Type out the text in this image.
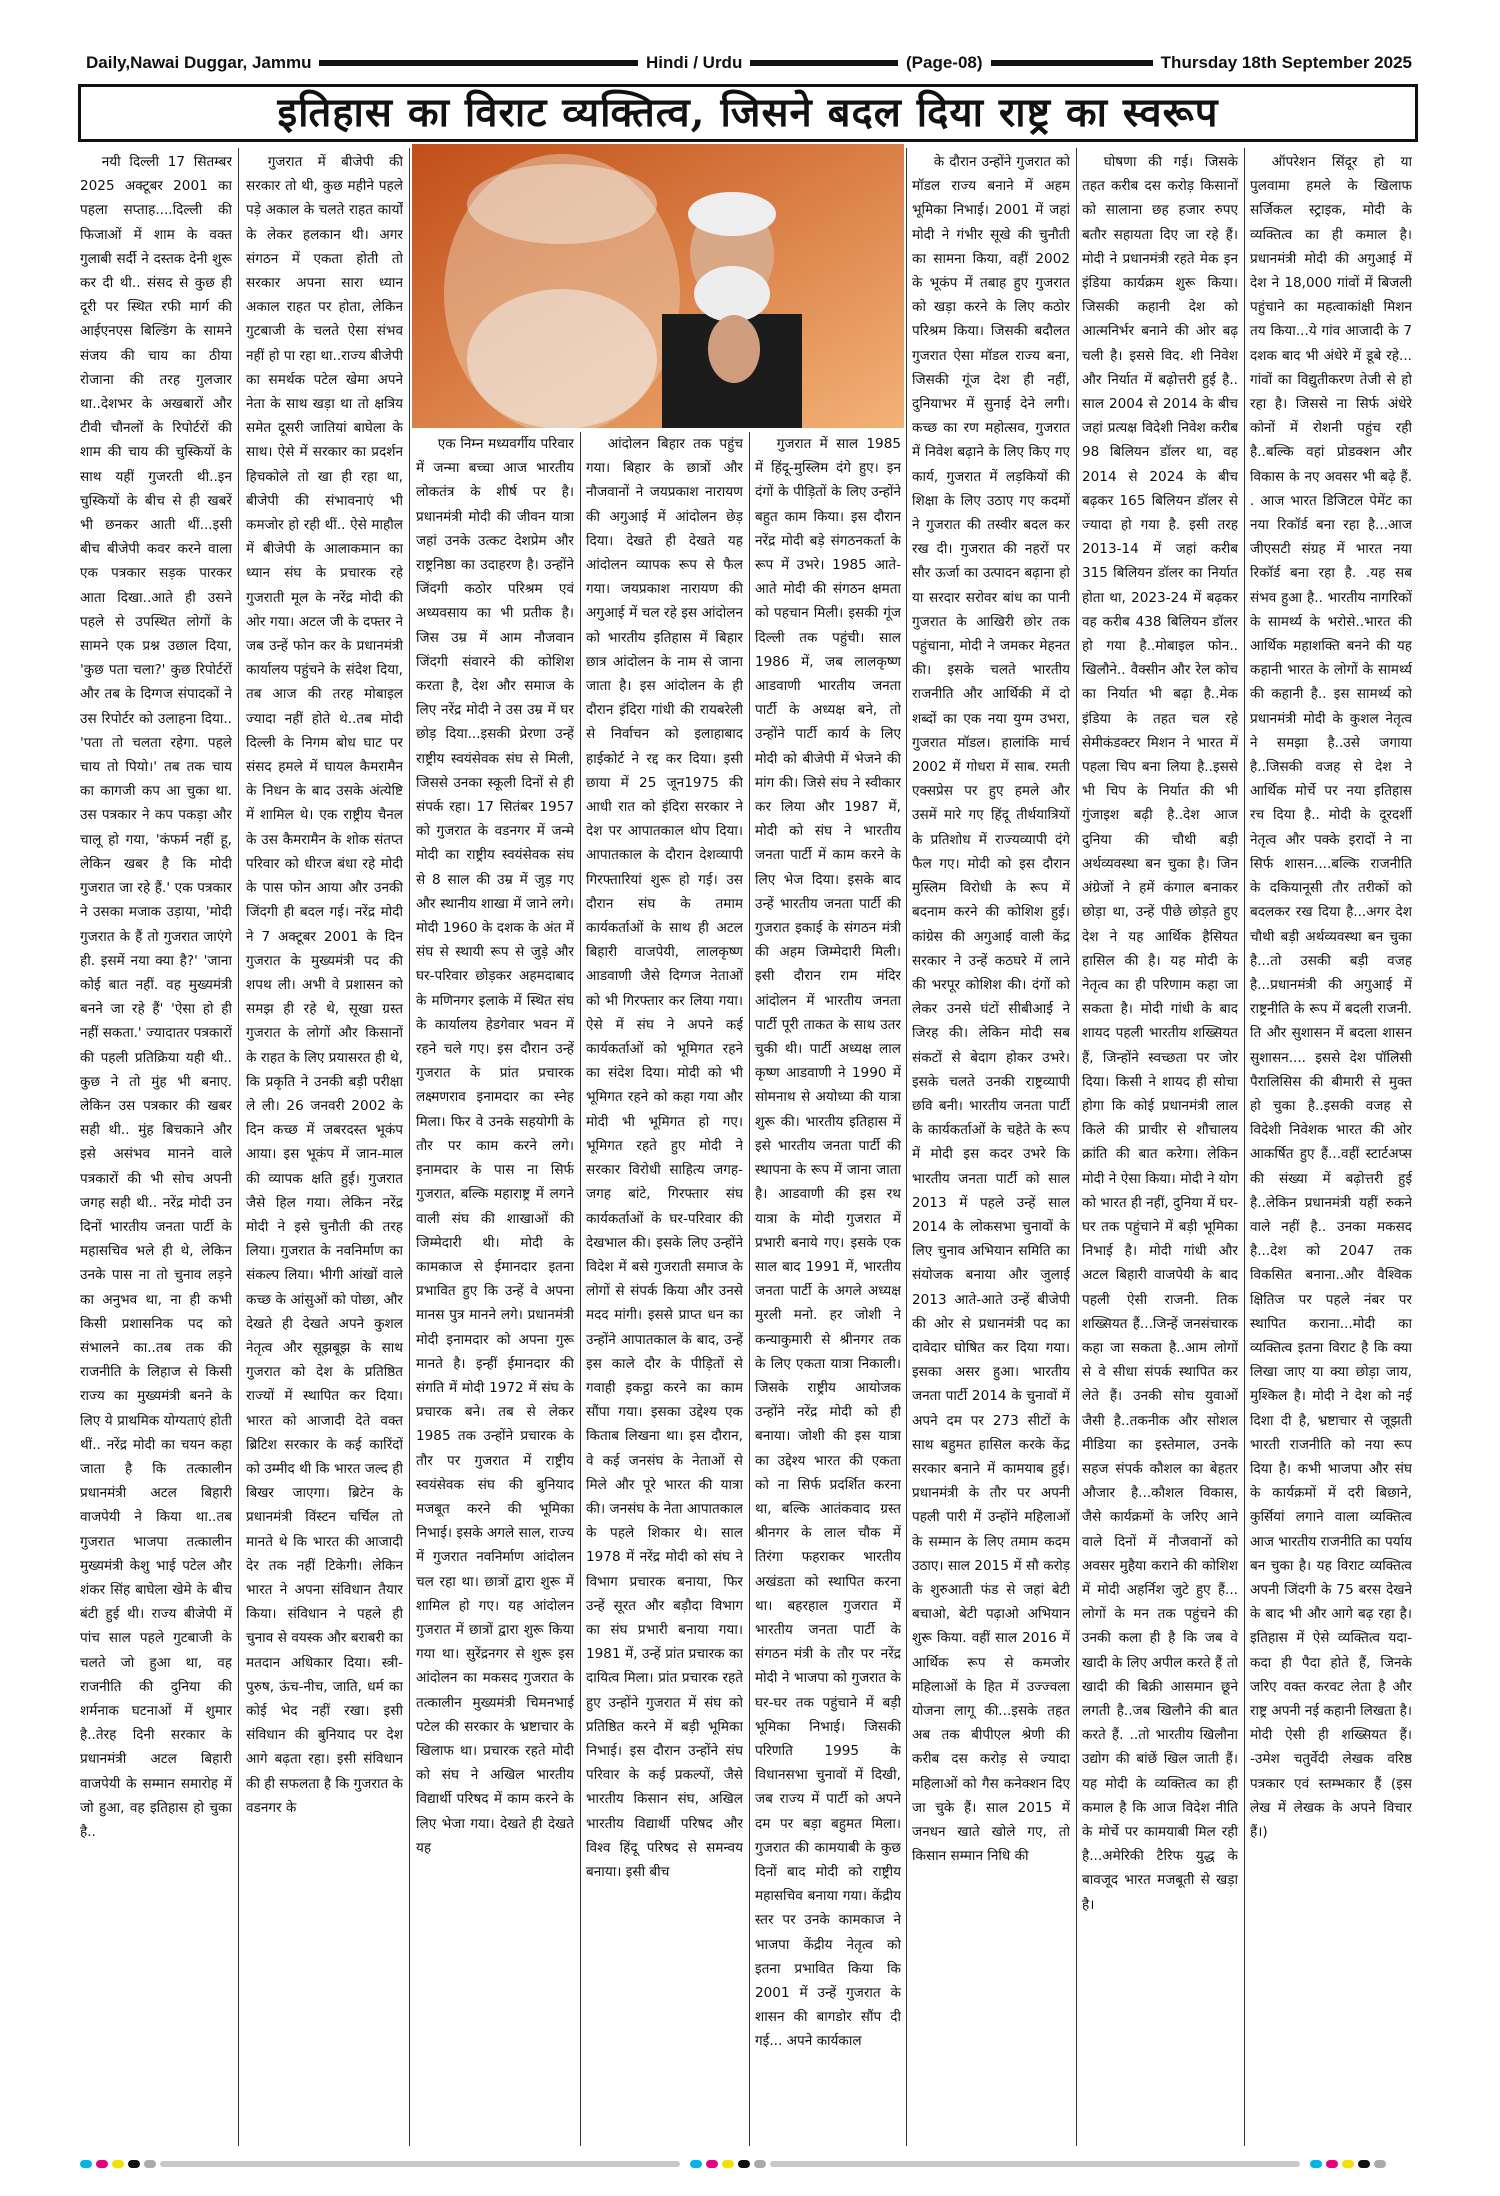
Daily,Nawai Duggar, Jammu	Hindi / Urdu	(Page-08)	Thursday 18th September 2025
इतिहास का विराट व्यक्तित्व, जिसने बदल दिया राष्ट्र का स्वरूप

नयी दिल्ली 17 सितम्बर 2025 अक्टूबर 2001 का पहला सप्ताह....दिल्ली की फिजाओं में शाम के वक्त गुलाबी सर्दी ने दस्तक देनी शुरू कर दी थी.. संसद से कुछ ही दूरी पर स्थित रफी मार्ग की आईएनएस बिल्डिंग के सामने संजय की चाय का ठीया रोजाना की तरह गुलजार था..देशभर के अखबारों और टीवी चौनलों के रिपोर्टरों की शाम की चाय की चुस्कियों के साथ यहीं गुजरती थी..इन चुस्कियों के बीच से ही खबरें भी छनकर आती थीं...इसी बीच बीजेपी कवर करने वाला एक पत्रकार सड़क पारकर आता दिखा..आते ही उसने पहले से उपस्थित लोगों के सामने एक प्रश्न उछाल दिया, 'कुछ पता चला?' कुछ रिपोर्टरों और तब के दिग्गज संपादकों ने उस रिपोर्टर को उलाहना दिया.. 'पता तो चलता रहेगा. पहले चाय तो पियो।' तब तक चाय का कागजी कप आ चुका था. उस पत्रकार ने कप पकड़ा और चालू हो गया, 'कंफर्म नहीं हू, लेकिन खबर है कि मोदी गुजरात जा रहे हैं.' एक पत्रकार ने उसका मजाक उड़ाया, 'मोदी गुजरात के हैं तो गुजरात जाएंगे ही. इसमें नया क्या है?' 'जाना कोई बात नहीं. वह मुख्यमंत्री बनने जा रहे हैं' 'ऐसा हो ही नहीं सकता.' ज्यादातर पत्रकारों की पहली प्रतिक्रिया यही थी.. कुछ ने तो मुंह भी बनाए. लेकिन उस पत्रकार की खबर सही थी.. मुंह बिचकाने और इसे असंभव मानने वाले पत्रकारों की भी सोच अपनी जगह सही थी.. नरेंद्र मोदी उन दिनों भारतीय जनता पार्टी के महासचिव भले ही थे, लेकिन उनके पास ना तो चुनाव लड़ने का अनुभव था, ना ही कभी किसी प्रशासनिक पद को संभालने का..तब तक की राजनीति के लिहाज से किसी राज्य का मुख्यमंत्री बनने के लिए ये प्राथमिक योग्यताएं होती थीं.. नरेंद्र मोदी का चयन कहा जाता है कि तत्कालीन प्रधानमंत्री अटल बिहारी वाजपेयी ने किया था..तब गुजरात भाजपा तत्कालीन मुख्यमंत्री केशु भाई पटेल और शंकर सिंह बाघेला खेमे के बीच बंटी हुई थी। राज्य बीजेपी में पांच साल पहले गुटबाजी के चलते जो हुआ था, वह राजनीति की दुनिया की शर्मनाक घटनाओं में शुमार है..तेरह दिनी सरकार के प्रधानमंत्री अटल बिहारी वाजपेयी के सम्मान समारोह में जो हुआ, वह इतिहास हो चुका है..

गुजरात में बीजेपी की सरकार तो थी, कुछ महीने पहले पड़े अकाल के चलते राहत कार्यों के लेकर हलकान थी। अगर संगठन में एकता होती तो सरकार अपना सारा ध्यान अकाल राहत पर होता, लेकिन गुटबाजी के चलते ऐसा संभव नहीं हो पा रहा था..राज्य बीजेपी का समर्थक पटेल खेमा अपने नेता के साथ खड़ा था तो क्षत्रिय समेत दूसरी जातियां बाघेला के साथ। ऐसे में सरकार का प्रदर्शन हिचकोले तो खा ही रहा था, बीजेपी की संभावनाएं भी कमजोर हो रही थीं.. ऐसे माहौल में बीजेपी के आलाकमान का ध्यान संघ के प्रचारक रहे गुजराती मूल के नरेंद्र मोदी की ओर गया। अटल जी के दफ्तर ने जब उन्हें फोन कर के प्रधानमंत्री कार्यालय पहुंचने के संदेश दिया, तब आज की तरह मोबाइल ज्यादा नहीं होते थे..तब मोदी दिल्ली के निगम बोध घाट पर संसद हमले में घायल कैमरामैन के निधन के बाद उसके अंत्येष्टि में शामिल थे। एक राष्ट्रीय चैनल के उस कैमरामैन के शोक संतप्त परिवार को धीरज बंधा रहे मोदी के पास फोन आया और उनकी जिंदगी ही बदल गई। नरेंद्र मोदी ने 7 अक्टूबर 2001 के दिन गुजरात के मुख्यमंत्री पद की शपथ ली। अभी वे प्रशासन को समझ ही रहे थे, सूखा ग्रस्त गुजरात के लोगों और किसानों के राहत के लिए प्रयासरत ही थे, कि प्रकृति ने उनकी बड़ी परीक्षा ले ली। 26 जनवरी 2002 के दिन कच्छ में जबरदस्त भूकंप आया। इस भूकंप में जान-माल की व्यापक क्षति हुई। गुजरात जैसे हिल गया। लेकिन नरेंद्र मोदी ने इसे चुनौती की तरह लिया। गुजरात के नवनिर्माण का संकल्प लिया। भीगी आंखों वाले कच्छ के आंसुओं को पोछा, और देखते ही देखते अपने कुशल नेतृत्व और सूझबूझ के साथ गुजरात को देश के प्रतिष्ठित राज्यों में स्थापित कर दिया। भारत को आजादी देते वक्त ब्रिटिश सरकार के कई कारिंदों को उम्मीद थी कि भारत जल्द ही बिखर जाएगा। ब्रिटेन के प्रधानमंत्री विंस्टन चर्चिल तो मानते थे कि भारत की आजादी देर तक नहीं टिकेगी। लेकिन भारत ने अपना संविधान तैयार किया। संविधान ने पहले ही चुनाव से वयस्क और बराबरी का मतदान अधिकार दिया। स्त्री-पुरुष, ऊंच-नीच, जाति, धर्म का कोई भेद नहीं रखा। इसी संविधान की बुनियाद पर देश आगे बढ़ता रहा। इसी संविधान की ही सफलता है कि गुजरात के वडनगर के

एक निम्न मध्यवर्गीय परिवार में जन्मा बच्चा आज भारतीय लोकतंत्र के शीर्ष पर है। प्रधानमंत्री मोदी की जीवन यात्रा जहां उनके उत्कट देशप्रेम और राष्ट्रनिष्ठा का उदाहरण है। उन्होंने जिंदगी कठोर परिश्रम एवं अध्यवसाय का भी प्रतीक है। जिस उम्र में आम नौजवान जिंदगी संवारने की कोशिश करता है, देश और समाज के लिए नरेंद्र मोदी ने उस उम्र में घर छोड़ दिया...इसकी प्रेरणा उन्हें राष्ट्रीय स्वयंसेवक संघ से मिली, जिससे उनका स्कूली दिनों से ही संपर्क रहा। 17 सितंबर 1957 को गुजरात के वडनगर में जन्मे मोदी का राष्ट्रीय स्वयंसेवक संघ से 8 साल की उम्र में जुड़ गए और स्थानीय शाखा में जाने लगे। मोदी 1960 के दशक के अंत में संघ से स्थायी रूप से जुड़े और घर-परिवार छोड़कर अहमदाबाद के मणिनगर इलाके में स्थित संघ के कार्यालय हेडगेवार भवन में रहने चले गए। इस दौरान उन्हें गुजरात के प्रांत प्रचारक लक्ष्मणराव इनामदार का स्नेह मिला। फिर वे उनके सहयोगी के तौर पर काम करने लगे। इनामदार के पास ना सिर्फ गुजरात, बल्कि महाराष्ट्र में लगने वाली संघ की शाखाओं की जिम्मेदारी थी। मोदी के कामकाज से ईमानदार इतना प्रभावित हुए कि उन्हें वे अपना मानस पुत्र मानने लगे। प्रधानमंत्री मोदी इनामदार को अपना गुरू मानते है। इन्हीं ईमानदार की संगति में मोदी 1972 में संघ के प्रचारक बने। तब से लेकर 1985 तक उन्होंने प्रचारक के तौर पर गुजरात में राष्ट्रीय स्वयंसेवक संघ की बुनियाद मजबूत करने की भूमिका निभाई। इसके अगले साल, राज्य में गुजरात नवनिर्माण आंदोलन चल रहा था। छात्रों द्वारा शुरू में शामिल हो गए। यह आंदोलन गुजरात में छात्रों द्वारा शुरू किया गया था। सुरेंद्रनगर से शुरू इस आंदोलन का मकसद गुजरात के तत्कालीन मुख्यमंत्री चिमनभाई पटेल की सरकार के भ्रष्टाचार के खिलाफ था। प्रचारक रहते मोदी को संघ ने अखिल भारतीय विद्यार्थी परिषद में काम करने के लिए भेजा गया। देखते ही देखते यह

आंदोलन बिहार तक पहुंच गया। बिहार के छात्रों और नौजवानों ने जयप्रकाश नारायण की अगुआई में आंदोलन छेड़ दिया। देखते ही देखते यह आंदोलन व्यापक रूप से फैल गया। जयप्रकाश नारायण की अगुआई में चल रहे इस आंदोलन को भारतीय इतिहास में बिहार छात्र आंदोलन के नाम से जाना जाता है। इस आंदोलन के ही दौरान इंदिरा गांधी की रायबरेली से निर्वाचन को इलाहाबाद हाईकोर्ट ने रद्द कर दिया। इसी छाया में 25 जून1975 की आधी रात को इंदिरा सरकार ने देश पर आपातकाल थोप दिया। आपातकाल के दौरान देशव्यापी गिरफ्तारियां शुरू हो गई। उस दौरान संघ के तमाम कार्यकर्ताओं के साथ ही अटल बिहारी वाजपेयी, लालकृष्ण आडवाणी जैसे दिग्गज नेताओं को भी गिरफ्तार कर लिया गया। ऐसे में संघ ने अपने कई कार्यकर्ताओं को भूमिगत रहने का संदेश दिया। मोदी को भी भूमिगत रहने को कहा गया और मोदी भी भूमिगत हो गए। भूमिगत रहते हुए मोदी ने सरकार विरोधी साहित्य जगह-जगह बांटे, गिरफ्तार संघ कार्यकर्ताओं के घर-परिवार की देखभाल की। इसके लिए उन्होंने विदेश में बसे गुजराती समाज के लोगों से संपर्क किया और उनसे मदद मांगी। इससे प्राप्त धन का उन्होंने आपातकाल के बाद, उन्हें इस काले दौर के पीड़ितों से गवाही इकट्ठा करने का काम सौंपा गया। इसका उद्देश्य एक किताब लिखना था। इस दौरान, वे कई जनसंघ के नेताओं से मिले और पूरे भारत की यात्रा की। जनसंघ के नेता आपातकाल के पहले शिकार थे। साल 1978 में नरेंद्र मोदी को संघ ने विभाग प्रचारक बनाया, फिर उन्हें सूरत और बड़ौदा विभाग का संघ प्रभारी बनाया गया। 1981 में, उन्हें प्रांत प्रचारक का दायित्व मिला। प्रांत प्रचारक रहते हुए उन्होंने गुजरात में संघ को प्रतिष्ठित करने में बड़ी भूमिका निभाई। इस दौरान उन्होंने संघ परिवार के कई प्रकल्पों, जैसे भारतीय किसान संघ, अखिल भारतीय विद्यार्थी परिषद और विश्व हिंदू परिषद से समन्वय बनाया। इसी बीच

गुजरात में साल 1985 में हिंदू-मुस्लिम दंगे हुए। इन दंगों के पीड़ितों के लिए उन्होंने बहुत काम किया। इस दौरान नरेंद्र मोदी बड़े संगठनकर्ता के रूप में उभरे। 1985 आते-आते मोदी की संगठन क्षमता को पहचान मिली। इसकी गूंज दिल्ली तक पहुंची। साल 1986 में, जब लालकृष्ण आडवाणी भारतीय जनता पार्टी के अध्यक्ष बने, तो उन्होंने पार्टी कार्य के लिए मोदी को बीजेपी में भेजने की मांग की। जिसे संघ ने स्वीकार कर लिया और 1987 में, मोदी को संघ ने भारतीय जनता पार्टी में काम करने के लिए भेज दिया। इसके बाद उन्हें भारतीय जनता पार्टी की गुजरात इकाई के संगठन मंत्री की अहम जिम्मेदारी मिली। इसी दौरान राम मंदिर आंदोलन में भारतीय जनता पार्टी पूरी ताकत के साथ उतर चुकी थी। पार्टी अध्यक्ष लाल कृष्ण आडवाणी ने 1990 में सोमनाथ से अयोध्या की यात्रा शुरू की। भारतीय इतिहास में इसे भारतीय जनता पार्टी की स्थापना के रूप में जाना जाता है। आडवाणी की इस रथ यात्रा के मोदी गुजरात में प्रभारी बनाये गए। इसके एक साल बाद 1991 में, भारतीय जनता पार्टी के अगले अध्यक्ष मुरली मनो. हर जोशी ने कन्याकुमारी से श्रीनगर तक के लिए एकता यात्रा निकाली। जिसके राष्ट्रीय आयोजक उन्होंने नरेंद्र मोदी को ही बनाया। जोशी की इस यात्रा का उद्देश्य भारत की एकता को ना सिर्फ प्रदर्शित करना था, बल्कि आतंकवाद ग्रस्त श्रीनगर के लाल चौक में तिरंगा फहराकर भारतीय अखंडता को स्थापित करना था। बहरहाल गुजरात में भारतीय जनता पार्टी के संगठन मंत्री के तौर पर नरेंद्र मोदी ने भाजपा को गुजरात के घर-घर तक पहुंचाने में बड़ी भूमिका निभाई। जिसकी परिणति 1995 के विधानसभा चुनावों में दिखी, जब राज्य में पार्टी को अपने दम पर बड़ा बहुमत मिला। गुजरात की कामयाबी के कुछ दिनों बाद मोदी को राष्ट्रीय महासचिव बनाया गया। केंद्रीय स्तर पर उनके कामकाज ने भाजपा केंद्रीय नेतृत्व को इतना प्रभावित किया कि 2001 में उन्हें गुजरात के शासन की बागडोर सौंप दी गई... अपने कार्यकाल

के दौरान उन्होंने गुजरात को मॉडल राज्य बनाने में अहम भूमिका निभाई। 2001 में जहां मोदी ने गंभीर सूखे की चुनौती का सामना किया, वहीं 2002 के भूकंप में तबाह हुए गुजरात को खड़ा करने के लिए कठोर परिश्रम किया। जिसकी बदौलत गुजरात ऐसा मॉडल राज्य बना, जिसकी गूंज देश ही नहीं, दुनियाभर में सुनाई देने लगी। कच्छ का रण महोत्सव, गुजरात में निवेश बढ़ाने के लिए किए गए कार्य, गुजरात में लड़कियों की शिक्षा के लिए उठाए गए कदमों ने गुजरात की तस्वीर बदल कर रख दी। गुजरात की नहरों पर सौर ऊर्जा का उत्पादन बढ़ाना हो या सरदार सरोवर बांध का पानी गुजरात के आखिरी छोर तक पहुंचाना, मोदी ने जमकर मेहनत की। इसके चलते भारतीय राजनीति और आर्थिकी में दो शब्दों का एक नया युग्म उभरा, गुजरात मॉडल। हालांकि मार्च 2002 में गोधरा में साब. रमती एक्सप्रेस पर हुए हमले और उसमें मारे गए हिंदू तीर्थयात्रियों के प्रतिशोध में राज्यव्यापी दंगे फैल गए। मोदी को इस दौरान मुस्लिम विरोधी के रूप में बदनाम करने की कोशिश हुई। कांग्रेस की अगुआई वाली केंद्र सरकार ने उन्हें कठघरे में लाने की भरपूर कोशिश की। दंगों को लेकर उनसे घंटों सीबीआई ने जिरह की। लेकिन मोदी सब संकटों से बेदाग होकर उभरे। इसके चलते उनकी राष्ट्रव्यापी छवि बनी। भारतीय जनता पार्टी के कार्यकर्ताओं के चहेते के रूप में मोदी इस कदर उभरे कि भारतीय जनता पार्टी को साल 2013 में पहले उन्हें साल 2014 के लोकसभा चुनावों के लिए चुनाव अभियान समिति का संयोजक बनाया और जुलाई 2013 आते-आते उन्हें बीजेपी की ओर से प्रधानमंत्री पद का दावेदार घोषित कर दिया गया। इसका असर हुआ। भारतीय जनता पार्टी 2014 के चुनावों में अपने दम पर 273 सीटों के साथ बहुमत हासिल करके केंद्र सरकार बनाने में कामयाब हुई। प्रधानमंत्री के तौर पर अपनी पहली पारी में उन्होंने महिलाओं के सम्मान के लिए तमाम कदम उठाए। साल 2015 में सौ करोड़ के शुरुआती फंड से जहां बेटी बचाओ, बेटी पढ़ाओ अभियान शुरू किया. वहीं साल 2016 में आर्थिक रूप से कमजोर महिलाओं के हित में उज्ज्वला योजना लागू की...इसके तहत अब तक बीपीएल श्रेणी की करीब दस करोड़ से ज्यादा महिलाओं को गैस कनेक्शन दिए जा चुके हैं। साल 2015 में जनधन खाते खोले गए, तो किसान सम्मान निधि की

घोषणा की गई। जिसके तहत करीब दस करोड़ किसानों को सालाना छह हजार रुपए बतौर सहायता दिए जा रहे हैं। मोदी ने प्रधानमंत्री रहते मेक इन इंडिया कार्यक्रम शुरू किया। जिसकी कहानी देश को आत्मनिर्भर बनाने की ओर बढ़ चली है। इससे विद. शी निवेश और निर्यात में बढ़ोत्तरी हुई है.. साल 2004 से 2014 के बीच जहां प्रत्यक्ष विदेशी निवेश करीब 98 बिलियन डॉलर था, वह 2014 से 2024 के बीच बढ़कर 165 बिलियन डॉलर से ज्यादा हो गया है. इसी तरह 2013-14 में जहां करीब 315 बिलियन डॉलर का निर्यात होता था, 2023-24 में बढ़कर वह करीब 438 बिलियन डॉलर हो गया है..मोबाइल फोन.. खिलौने.. वैक्सीन और रेल कोच का निर्यात भी बढ़ा है..मेक इंडिया के तहत चल रहे सेमीकंडक्टर मिशन ने भारत में पहला चिप बना लिया है..इससे भी चिप के निर्यात की भी गुंजाइश बढ़ी है..देश आज दुनिया की चौथी बड़ी अर्थव्यवस्था बन चुका है। जिन अंग्रेजों ने हमें कंगाल बनाकर छोड़ा था, उन्हें पीछे छोड़ते हुए देश ने यह आर्थिक हैसियत हासिल की है। यह मोदी के नेतृत्व का ही परिणाम कहा जा सकता है। मोदी गांधी के बाद शायद पहली भारतीय शख्सियत हैं, जिन्होंने स्वच्छता पर जोर दिया। किसी ने शायद ही सोचा होगा कि कोई प्रधानमंत्री लाल किले की प्राचीर से शौचालय क्रांति की बात करेगा। लेकिन मोदी ने ऐसा किया। मोदी ने योग को भारत ही नहीं, दुनिया में घर-घर तक पहुंचाने में बड़ी भूमिका निभाई है। मोदी गांधी और अटल बिहारी वाजपेयी के बाद पहली ऐसी राजनी. तिक शख्सियत हैं...जिन्हें जनसंचारक कहा जा सकता है..आम लोगों से वे सीधा संपर्क स्थापित कर लेते हैं। उनकी सोच युवाओं जैसी है..तकनीक और सोशल मीडिया का इस्तेमाल, उनके सहज संपर्क कौशल का बेहतर औजार है...कौशल विकास, जैसे कार्यक्रमों के जरिए आने वाले दिनों में नौजवानों को अवसर मुहैया कराने की कोशिश में मोदी अहर्निश जुटे हुए हैं... लोगों के मन तक पहुंचने की उनकी कला ही है कि जब वे खादी के लिए अपील करते हैं तो खादी की बिक्री आसमान छूने लगती है..जब खिलौने की बात करते हैं. ..तो भारतीय खिलौना उद्योग की बांछें खिल जाती हैं। यह मोदी के व्यक्तित्व का ही कमाल है कि आज विदेश नीति के मोर्चे पर कामयाबी मिल रही है...अमेरिकी टैरिफ युद्ध के बावजूद भारत मजबूती से खड़ा है।

ऑपरेशन सिंदूर हो या पुलवामा हमले के खिलाफ सर्जिकल स्ट्राइक, मोदी के व्यक्तित्व का ही कमाल है। प्रधानमंत्री मोदी की अगुआई में देश ने 18,000 गांवों में बिजली पहुंचाने का महत्वाकांक्षी मिशन तय किया...ये गांव आजादी के 7 दशक बाद भी अंधेरे में डूबे रहे... गांवों का विद्युतीकरण तेजी से हो रहा है। जिससे ना सिर्फ अंधेरे कोनों में रोशनी पहुंच रही है..बल्कि वहां प्रोडक्शन और विकास के नए अवसर भी बढ़े हैं. . आज भारत डिजिटल पेमेंट का नया रिकॉर्ड बना रहा है...आज जीएसटी संग्रह में भारत नया रिकॉर्ड बना रहा है. .यह सब संभव हुआ है.. भारतीय नागरिकों के सामर्थ्य के भरोसे..भारत की आर्थिक महाशक्ति बनने की यह कहानी भारत के लोगों के सामर्थ्य की कहानी है.. इस सामर्थ्य को प्रधानमंत्री मोदी के कुशल नेतृत्व ने समझा है..उसे जगाया है..जिसकी वजह से देश ने आर्थिक मोर्चे पर नया इतिहास रच दिया है.. मोदी के दूरदर्शी नेतृत्व और पक्के इरादों ने ना सिर्फ शासन....बल्कि राजनीति के दकियानूसी तौर तरीकों को बदलकर रख दिया है...अगर देश चौथी बड़ी अर्थव्यवस्था बन चुका है...तो उसकी बड़ी वजह है...प्रधानमंत्री की अगुआई में राष्ट्रनीति के रूप में बदली राजनी. ति और सुशासन में बदला शासन सुशासन.... इससे देश पॉलिसी पैरालिसिस की बीमारी से मुक्त हो चुका है..इसकी वजह से विदेशी निवेशक भारत की ओर आकर्षित हुए हैं...वहीं स्टार्टअप्स की संख्या में बढ़ोत्तरी हुई है..लेकिन प्रधानमंत्री यहीं रुकने वाले नहीं है.. उनका मकसद है...देश को 2047 तक विकसित बनाना..और वैश्विक क्षितिज पर पहले नंबर पर स्थापित कराना...मोदी का व्यक्तित्व इतना विराट है कि क्या लिखा जाए या क्या छोड़ा जाय, मुश्किल है। मोदी ने देश को नई दिशा दी है, भ्रष्टाचार से जूझती भारती राजनीति को नया रूप दिया है। कभी भाजपा और संघ के कार्यक्रमों में दरी बिछाने, कुर्सियां लगाने वाला व्यक्तित्व आज भारतीय राजनीति का पर्याय बन चुका है। यह विराट व्यक्तित्व अपनी जिंदगी के 75 बरस देखने के बाद भी और आगे बढ़ रहा है। इतिहास में ऐसे व्यक्तित्व यदा-कदा ही पैदा होते हैं, जिनके जरिए वक्त करवट लेता है और राष्ट्र अपनी नई कहानी लिखता है। मोदी ऐसी ही शख्सियत हैं। -उमेश चतुर्वेदी लेखक वरिष्ठ पत्रकार एवं स्तम्भकार हैं (इस लेख में लेखक के अपने विचार हैं।)
